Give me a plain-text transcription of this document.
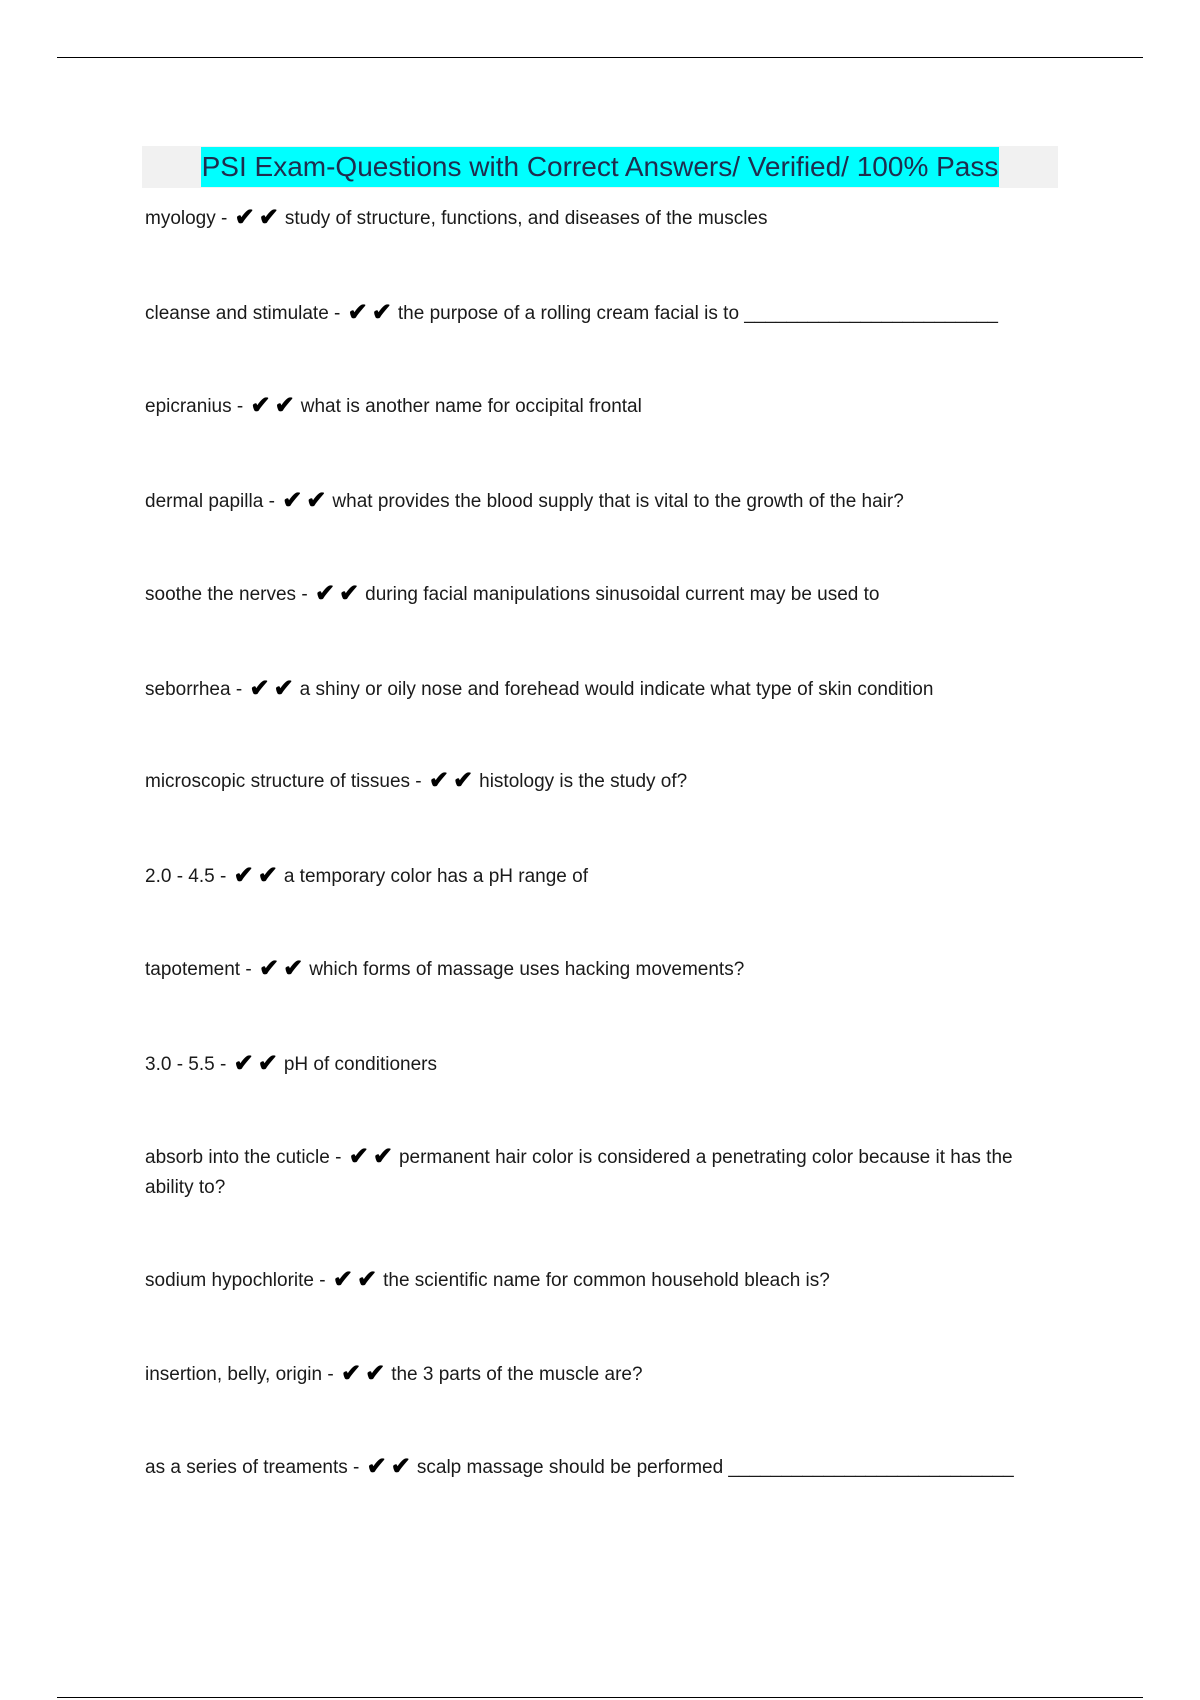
PSI Exam-Questions with Correct Answers/ Verified/ 100% Pass
myology - ✔✔ study of structure, functions, and diseases of the muscles
cleanse and stimulate - ✔✔ the purpose of a rolling cream facial is to ________________________
epicranius - ✔✔ what is another name for occipital frontal
dermal papilla - ✔✔ what provides the blood supply that is vital to the growth of the hair?
soothe the nerves - ✔✔ during facial manipulations sinusoidal current may be used to
seborrhea - ✔✔ a shiny or oily nose and forehead would indicate what type of skin condition
microscopic structure of tissues - ✔✔ histology is the study of?
2.0 - 4.5 - ✔✔ a temporary color has a pH range of
tapotement - ✔✔ which forms of massage uses hacking movements?
3.0 - 5.5 - ✔✔ pH of conditioners
absorb into the cuticle - ✔✔ permanent hair color is considered a penetrating color because it has the ability to?
sodium hypochlorite - ✔✔ the scientific name for common household bleach is?
insertion, belly, origin - ✔✔ the 3 parts of the muscle are?
as a series of treaments - ✔✔ scalp massage should be performed ___________________________
